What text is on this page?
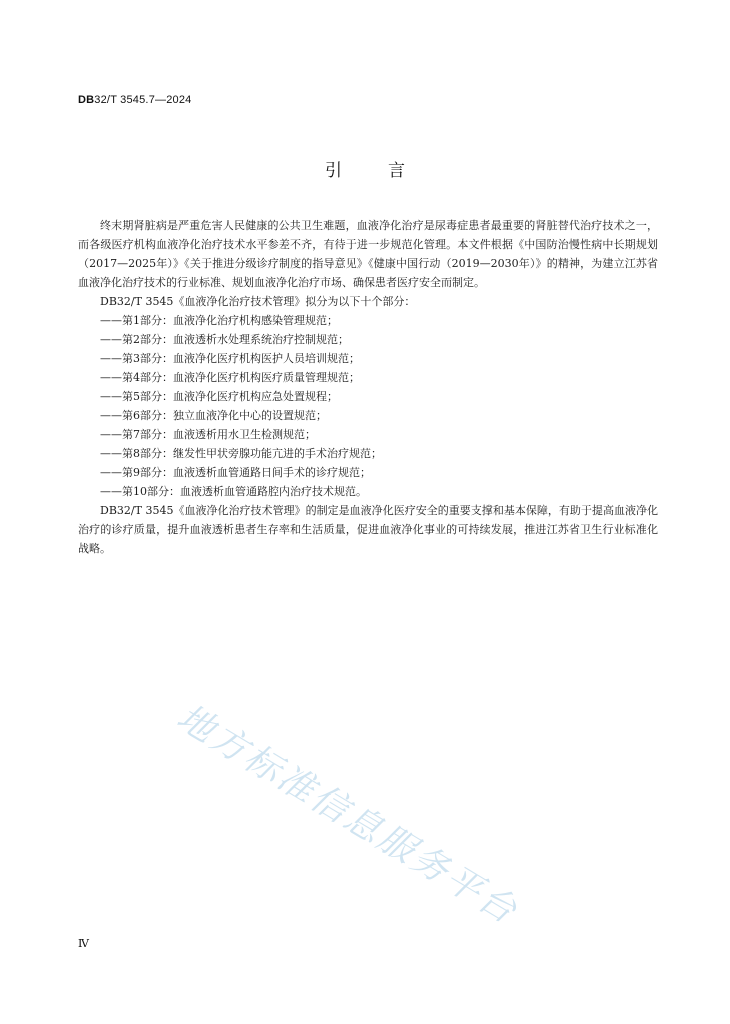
DB32/T 3545.7—2024
引言

终末期肾脏病是严重危害人民健康的公共卫生难题，血液净化治疗是尿毒症患者最重要的肾脏替代治疗技术之一，而各级医疗机构血液净化治疗技术水平参差不齐，有待于进一步规范化管理。本文件根据《中国防治慢性病中长期规划（2017—2025年）》《关于推进分级诊疗制度的指导意见》《健康中国行动（2019—2030年）》的精神，为建立江苏省血液净化治疗技术的行业标准、规划血液净化治疗市场、确保患者医疗安全而制定。

DB32/T 3545《血液净化治疗技术管理》拟分为以下十个部分：

——第1部分：血液净化治疗机构感染管理规范；
——第2部分：血液透析水处理系统治疗控制规范；
——第3部分：血液净化医疗机构医护人员培训规范；
——第4部分：血液净化医疗机构医疗质量管理规范；
——第5部分：血液净化医疗机构应急处置规程；
——第6部分：独立血液净化中心的设置规范；
——第7部分：血液透析用水卫生检测规范；
——第8部分：继发性甲状旁腺功能亢进的手术治疗规范；
——第9部分：血液透析血管通路日间手术的诊疗规范；
——第10部分：血液透析血管通路腔内治疗技术规范。

DB32/T 3545《血液净化治疗技术管理》的制定是血液净化医疗安全的重要支撑和基本保障，有助于提高血液净化治疗的诊疗质量，提升血液透析患者生存率和生活质量，促进血液净化事业的可持续发展，推进江苏省卫生行业标准化战略。

地方标准信息服务平台
Ⅳ
